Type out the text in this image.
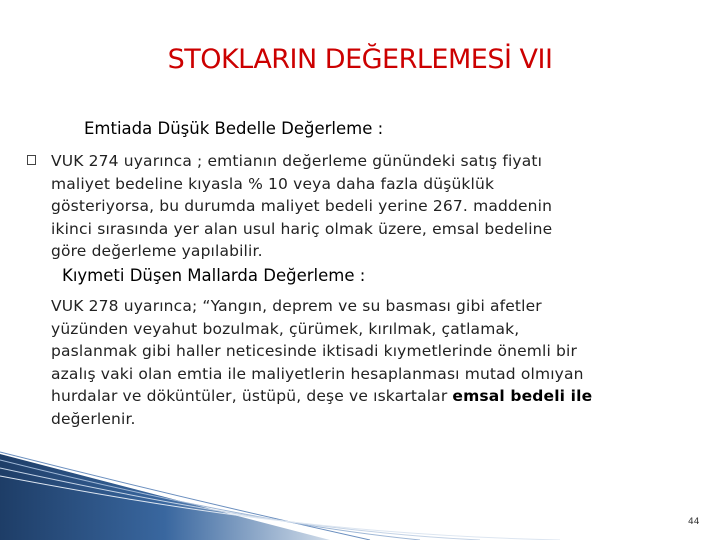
STOKLARIN DEĞERLEMESİ VII
Emtiada Düşük Bedelle Değerleme :
VUK 274 uyarınca ; emtianın değerleme günündeki satış fiyatı
maliyet bedeline kıyasla % 10 veya daha fazla düşüklük
gösteriyorsa, bu durumda maliyet bedeli yerine 267. maddenin
ikinci sırasında yer alan usul hariç olmak üzere, emsal bedeline
göre değerleme yapılabilir.
Kıymeti Düşen Mallarda Değerleme :
VUK 278 uyarınca; “Yangın, deprem ve su basması gibi afetler
yüzünden veyahut bozulmak, çürümek, kırılmak, çatlamak,
paslanmak gibi haller neticesinde iktisadi kıymetlerinde önemli bir
azalış vaki olan emtia ile maliyetlerin hesaplanması mutad olmıyan
hurdalar ve döküntüler, üstüpü, deşe ve ıskartalar emsal bedeli ile
değerlenir.
44
